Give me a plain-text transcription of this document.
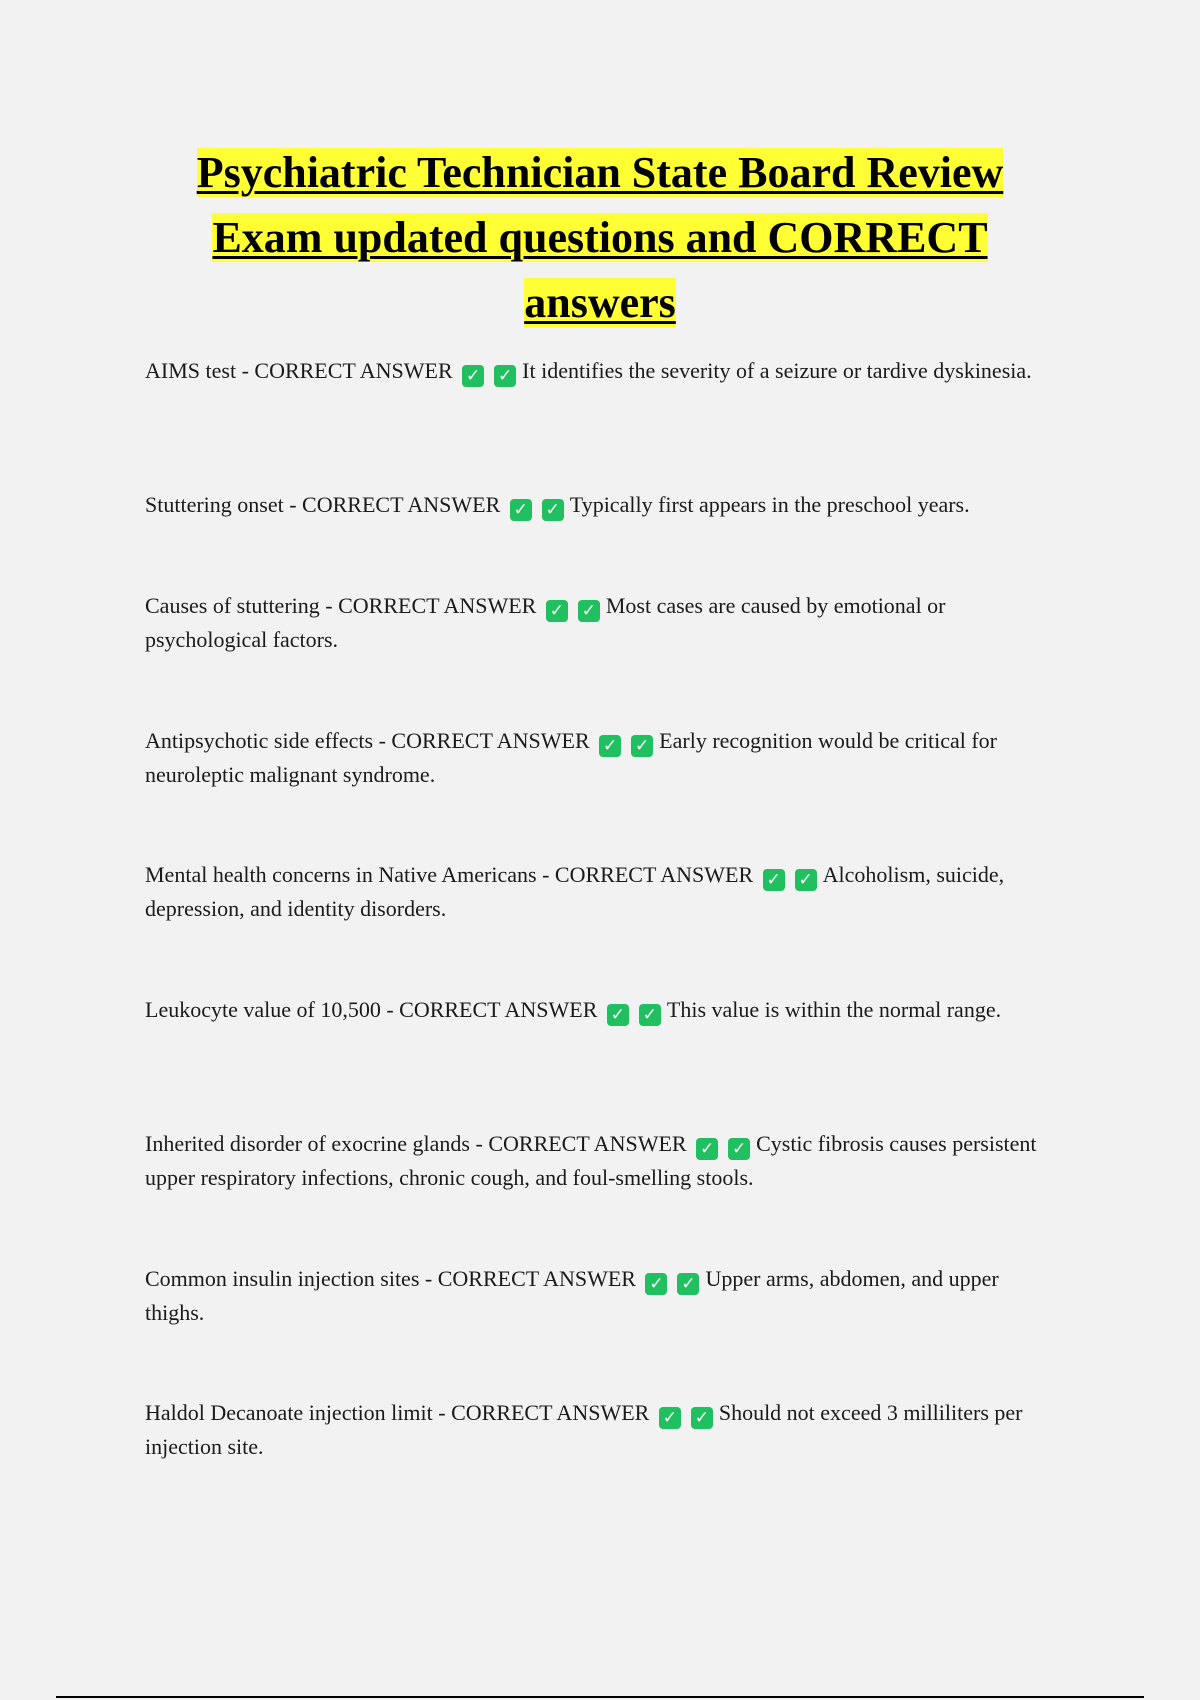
Psychiatric Technician State Board Review Exam updated questions and CORRECT answers
AIMS test - CORRECT ANSWER ✓ ✓ It identifies the severity of a seizure or tardive dyskinesia.
Stuttering onset - CORRECT ANSWER ✓ ✓ Typically first appears in the preschool years.
Causes of stuttering - CORRECT ANSWER ✓ ✓ Most cases are caused by emotional or psychological factors.
Antipsychotic side effects - CORRECT ANSWER ✓ ✓ Early recognition would be critical for neuroleptic malignant syndrome.
Mental health concerns in Native Americans - CORRECT ANSWER ✓ ✓ Alcoholism, suicide, depression, and identity disorders.
Leukocyte value of 10,500 - CORRECT ANSWER ✓ ✓ This value is within the normal range.
Inherited disorder of exocrine glands - CORRECT ANSWER ✓ ✓ Cystic fibrosis causes persistent upper respiratory infections, chronic cough, and foul-smelling stools.
Common insulin injection sites - CORRECT ANSWER ✓ ✓ Upper arms, abdomen, and upper thighs.
Haldol Decanoate injection limit - CORRECT ANSWER ✓ ✓ Should not exceed 3 milliliters per injection site.
